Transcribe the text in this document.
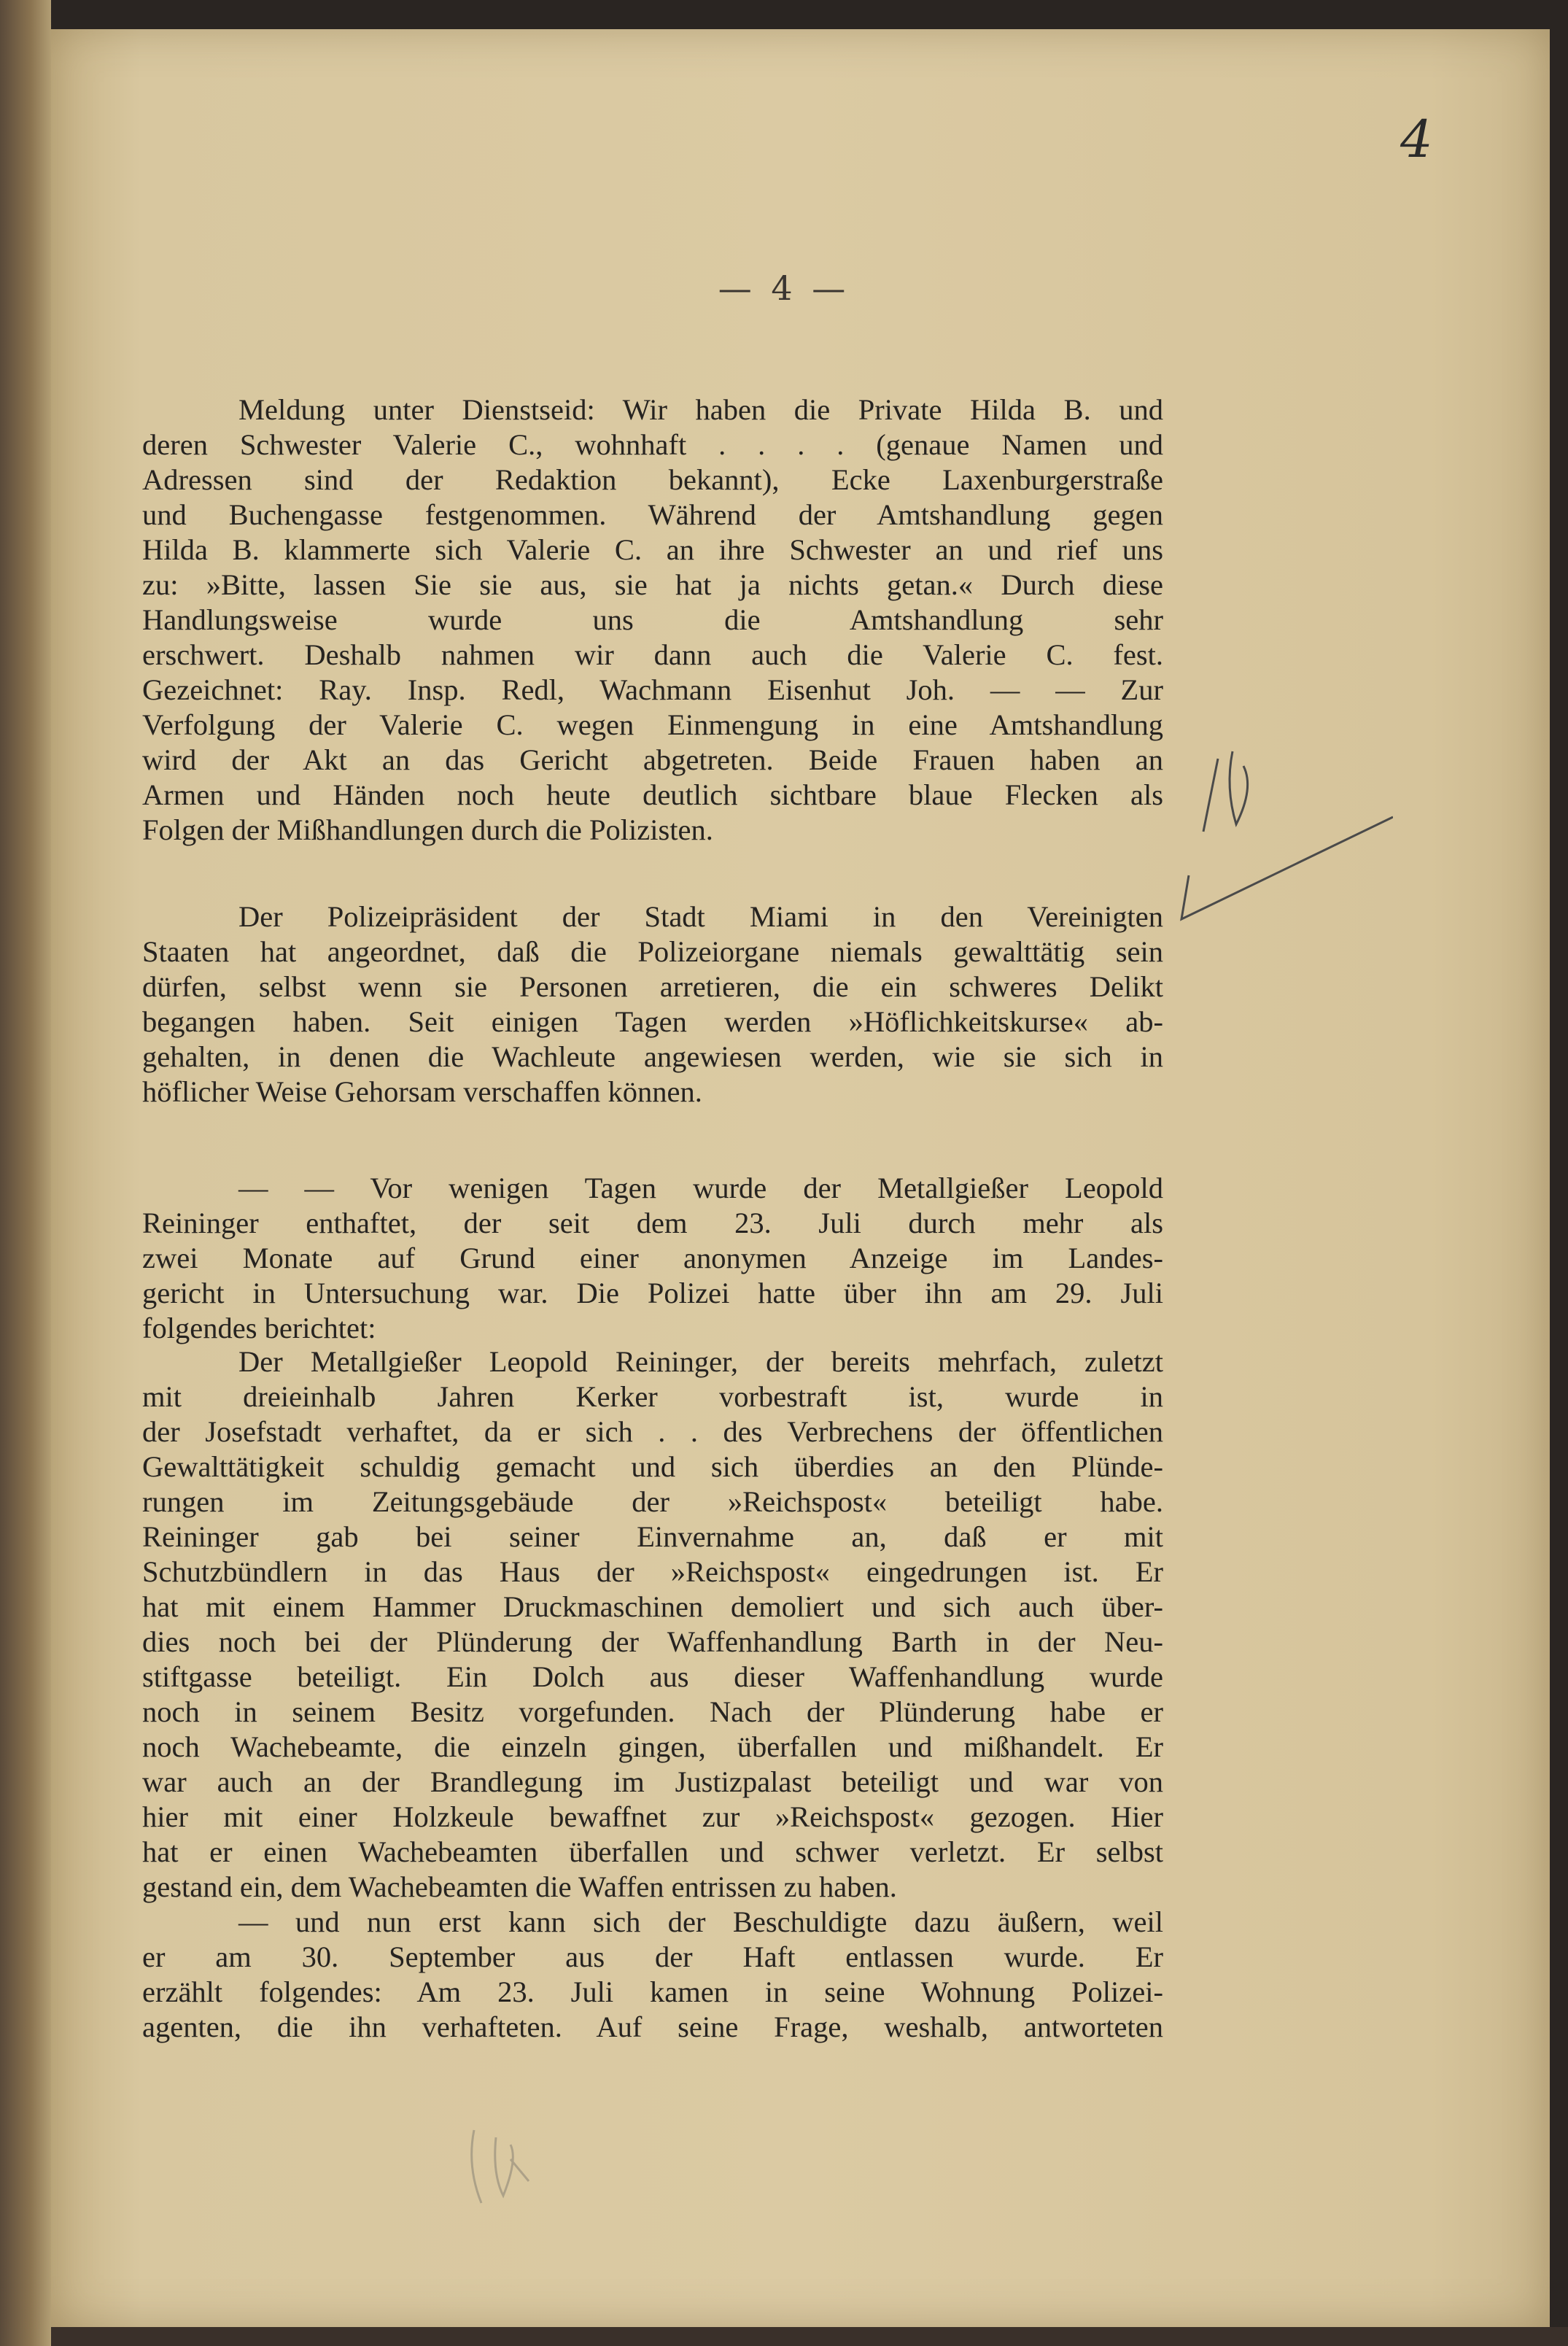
4
— 4 —
Meldung unter Dienstseid: Wir haben die Private Hilda B. und
deren Schwester Valerie C., wohnhaft . . . . (genaue Namen und
Adressen sind der Redaktion bekannt), Ecke Laxenburgerstraße
und Buchengasse festgenommen. Während der Amtshandlung gegen
Hilda B. klammerte sich Valerie C. an ihre Schwester an und rief uns
zu: »Bitte, lassen Sie sie aus, sie hat ja nichts getan.« Durch diese
Handlungsweise wurde uns die Amtshandlung sehr
erschwert. Deshalb nahmen wir dann auch die Valerie C. fest.
Gezeichnet: Ray. Insp. Redl, Wachmann Eisenhut Joh. — — Zur
Verfolgung der Valerie C. wegen Einmengung in eine Amtshandlung
wird der Akt an das Gericht abgetreten. Beide Frauen haben an
Armen und Händen noch heute deutlich sichtbare blaue Flecken als
Folgen der Mißhandlungen durch die Polizisten.
Der Polizeipräsident der Stadt Miami in den Vereinigten
Staaten hat angeordnet, daß die Polizeiorgane niemals gewalttätig sein
dürfen, selbst wenn sie Personen arretieren, die ein schweres Delikt
begangen haben. Seit einigen Tagen werden »Höflichkeitskurse« ab-
gehalten, in denen die Wachleute angewiesen werden, wie sie sich in
höflicher Weise Gehorsam verschaffen können.
— — Vor wenigen Tagen wurde der Metallgießer Leopold
Reininger enthaftet, der seit dem 23. Juli durch mehr als
zwei Monate auf Grund einer anonymen Anzeige im Landes-
gericht in Untersuchung war. Die Polizei hatte über ihn am 29. Juli
folgendes berichtet:
Der Metallgießer Leopold Reininger, der bereits mehrfach, zuletzt
mit dreieinhalb Jahren Kerker vorbestraft ist, wurde in
der Josefstadt verhaftet, da er sich . . des Verbrechens der öffentlichen
Gewalttätigkeit schuldig gemacht und sich überdies an den Plünde-
rungen im Zeitungsgebäude der »Reichspost« beteiligt habe.
Reininger gab bei seiner Einvernahme an, daß er mit
Schutzbündlern in das Haus der »Reichspost« eingedrungen ist. Er
hat mit einem Hammer Druckmaschinen demoliert und sich auch über-
dies noch bei der Plünderung der Waffenhandlung Barth in der Neu-
stiftgasse beteiligt. Ein Dolch aus dieser Waffenhandlung wurde
noch in seinem Besitz vorgefunden. Nach der Plünderung habe er
noch Wachebeamte, die einzeln gingen, überfallen und mißhandelt. Er
war auch an der Brandlegung im Justizpalast beteiligt und war von
hier mit einer Holzkeule bewaffnet zur »Reichspost« gezogen. Hier
hat er einen Wachebeamten überfallen und schwer verletzt. Er selbst
gestand ein, dem Wachebeamten die Waffen entrissen zu haben.
— und nun erst kann sich der Beschuldigte dazu äußern, weil
er am 30. September aus der Haft entlassen wurde. Er
erzählt folgendes: Am 23. Juli kamen in seine Wohnung Polizei-
agenten, die ihn verhafteten. Auf seine Frage, weshalb, antworteten
